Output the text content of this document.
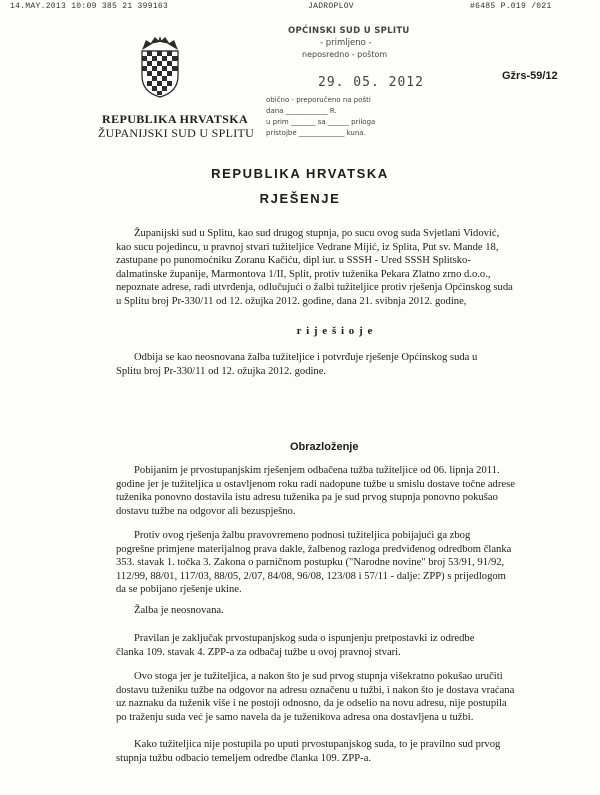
14.MAY.2013 10:09 385 21 399163	JADROPLOV	#6485 P.019 /021
REPUBLIKA HRVATSKA
ŽUPANIJSKI SUD U SPLITU
OPĆINSKI SUD U SPLITU
- primljeno -
neposredno - poštom
29. 05. 2012
obično - preporučeno na pošti
dana ____________ R.
u prim _______ sa ______ priloga
pristojbe _____________ kuna.
Gžrs-59/12
REPUBLIKA HRVATSKA
RJEŠENJE
Županijski sud u Splitu, kao sud drugog stupnja, po sucu ovog suda Svjetlani Vidović,
kao sucu pojedincu, u pravnoj stvari tužiteljice Vedrane Mijić, iz Splita, Put sv. Mande 18,
zastupane po punomoćniku Zoranu Kačiću, dipl iur. u SSSH - Ured SSSH Splitsko-
dalmatinske županije, Marmontova 1/II, Split, protiv tuženika Pekara Zlatno zrno d.o.o.,
nepoznate adrese, radi utvrđenja, odlučujući o žalbi tužiteljice protiv rješenja Općinskog suda
u Splitu broj Pr-330/11 od 12. ožujka 2012. godine, dana 21. svibnja 2012. godine,
r i j e š i o j e
Odbija se kao neosnovana žalba tužiteljice i potvrđuje rješenje Općinskog suda u
Splitu broj Pr-330/11 od 12. ožujka 2012. godine.
Obrazloženje
Pobijanim je prvostupanjskim rješenjem odbačena tužba tužiteljice od 06. lipnja 2011.
godine jer je tužiteljica u ostavljenom roku radi nadopune tužbe u smislu dostave točne adrese
tuženika ponovno dostavila istu adresu tuženika pa je sud prvog stupnja ponovno pokušao
dostavu tužbe na odgovor ali bezuspješno.
Protiv ovog rješenja žalbu pravovremeno podnosi tužiteljica pobijajući ga zbog
pogrešne primjene materijalnog prava dakle, žalbenog razloga predviđenog odredbom članka
353. stavak 1. točka 3. Zakona o parničnom postupku ("Narodne novine" broj 53/91, 91/92,
112/99, 88/01, 117/03, 88/05, 2/07, 84/08, 96/08, 123/08 i 57/11 - dalje: ZPP) s prijedlogom
da se pobijano rješenje ukine.
Žalba je neosnovana.
Pravilan je zaključak prvostupanjskog suda o ispunjenju pretpostavki iz odredbe
članka 109. stavak 4. ZPP-a za odbačaj tužbe u ovoj pravnoj stvari.
Ovo stoga jer je tužiteljica, a nakon što je sud prvog stupnja višekratno pokušao uručiti
dostavu tuženiku tužbe na odgovor na adresu označenu u tužbi, i nakon što je dostava vraćana
uz naznaku da tuženik više i ne postoji odnosno, da je odselio na novu adresu, nije postupila
po traženju suda već je samo navela da je tuženikova adresa ona dostavljena u tužbi.
Kako tužiteljica nije postupila po uputi prvostupanjskog suda, to je pravilno sud prvog
stupnja tužbu odbacio temeljem odredbe članka 109. ZPP-a.
